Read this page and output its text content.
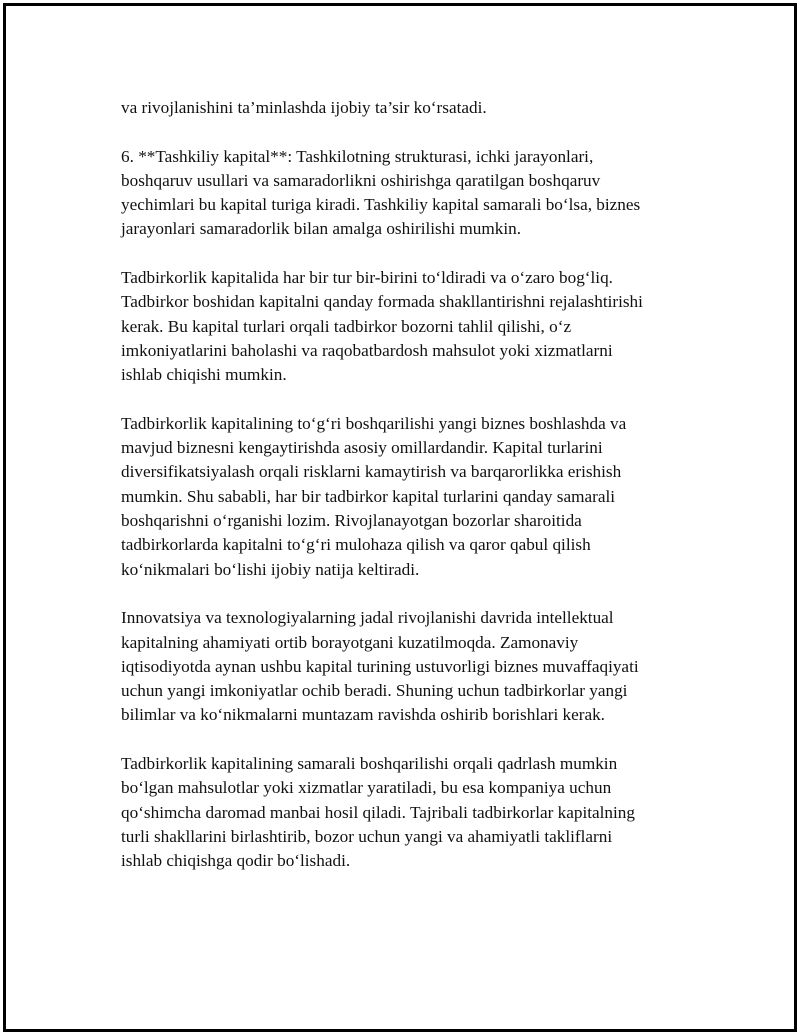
va rivojlanishini ta’minlashda ijobiy ta’sir ko‘rsatadi.

6. **Tashkiliy kapital**: Tashkilotning strukturasi, ichki jarayonlari,
boshqaruv usullari va samaradorlikni oshirishga qaratilgan boshqaruv
yechimlari bu kapital turiga kiradi. Tashkiliy kapital samarali bo‘lsa, biznes
jarayonlari samaradorlik bilan amalga oshirilishi mumkin.

Tadbirkorlik kapitalida har bir tur bir-birini to‘ldiradi va o‘zaro bog‘liq.
Tadbirkor boshidan kapitalni qanday formada shakllantirishni rejalashtirishi
kerak. Bu kapital turlari orqali tadbirkor bozorni tahlil qilishi, o‘z
imkoniyatlarini baholashi va raqobatbardosh mahsulot yoki xizmatlarni
ishlab chiqishi mumkin.

Tadbirkorlik kapitalining to‘g‘ri boshqarilishi yangi biznes boshlashda va
mavjud biznesni kengaytirishda asosiy omillardandir. Kapital turlarini
diversifikatsiyalash orqali risklarni kamaytirish va barqarorlikka erishish
mumkin. Shu sababli, har bir tadbirkor kapital turlarini qanday samarali
boshqarishni o‘rganishi lozim. Rivojlanayotgan bozorlar sharoitida
tadbirkorlarda kapitalni to‘g‘ri mulohaza qilish va qaror qabul qilish
ko‘nikmalari bo‘lishi ijobiy natija keltiradi.

Innovatsiya va texnologiyalarning jadal rivojlanishi davrida intellektual
kapitalning ahamiyati ortib borayotgani kuzatilmoqda. Zamonaviy
iqtisodiyotda aynan ushbu kapital turining ustuvorligi biznes muvaffaqiyati
uchun yangi imkoniyatlar ochib beradi. Shuning uchun tadbirkorlar yangi
bilimlar va ko‘nikmalarni muntazam ravishda oshirib borishlari kerak.

Tadbirkorlik kapitalining samarali boshqarilishi orqali qadrlash mumkin
bo‘lgan mahsulotlar yoki xizmatlar yaratiladi, bu esa kompaniya uchun
qo‘shimcha daromad manbai hosil qiladi. Tajribali tadbirkorlar kapitalning
turli shakllarini birlashtirib, bozor uchun yangi va ahamiyatli takliflarni
ishlab chiqishga qodir bo‘lishadi.
